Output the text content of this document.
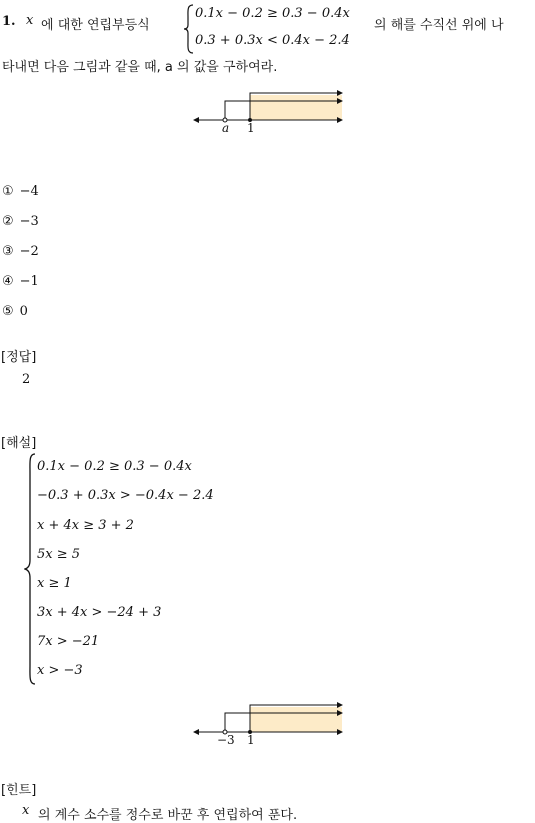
1. x 에 대한 연립부등식
0.1x − 0.2 ≥ 0.3 − 0.4x
0.3 + 0.3x < 0.4x − 2.4
의 해를 수직선 위에 나
타내면 다음 그림과 같을 때, a 의 값을 구하여라.
a 1
① −4
② −3
③ −2
④ −1
⑤ 0
[정답]
2
[해설]
0.1x − 0.2 ≥ 0.3 − 0.4x
−0.3 + 0.3x > −0.4x − 2.4
x + 4x ≥ 3 + 2
5x ≥ 5
x ≥ 1
3x + 4x > −24 + 3
7x > −21
x > −3
−3 1
[힌트]
x 의 계수 소수를 정수로 바꾼 후 연립하여 푼다.
